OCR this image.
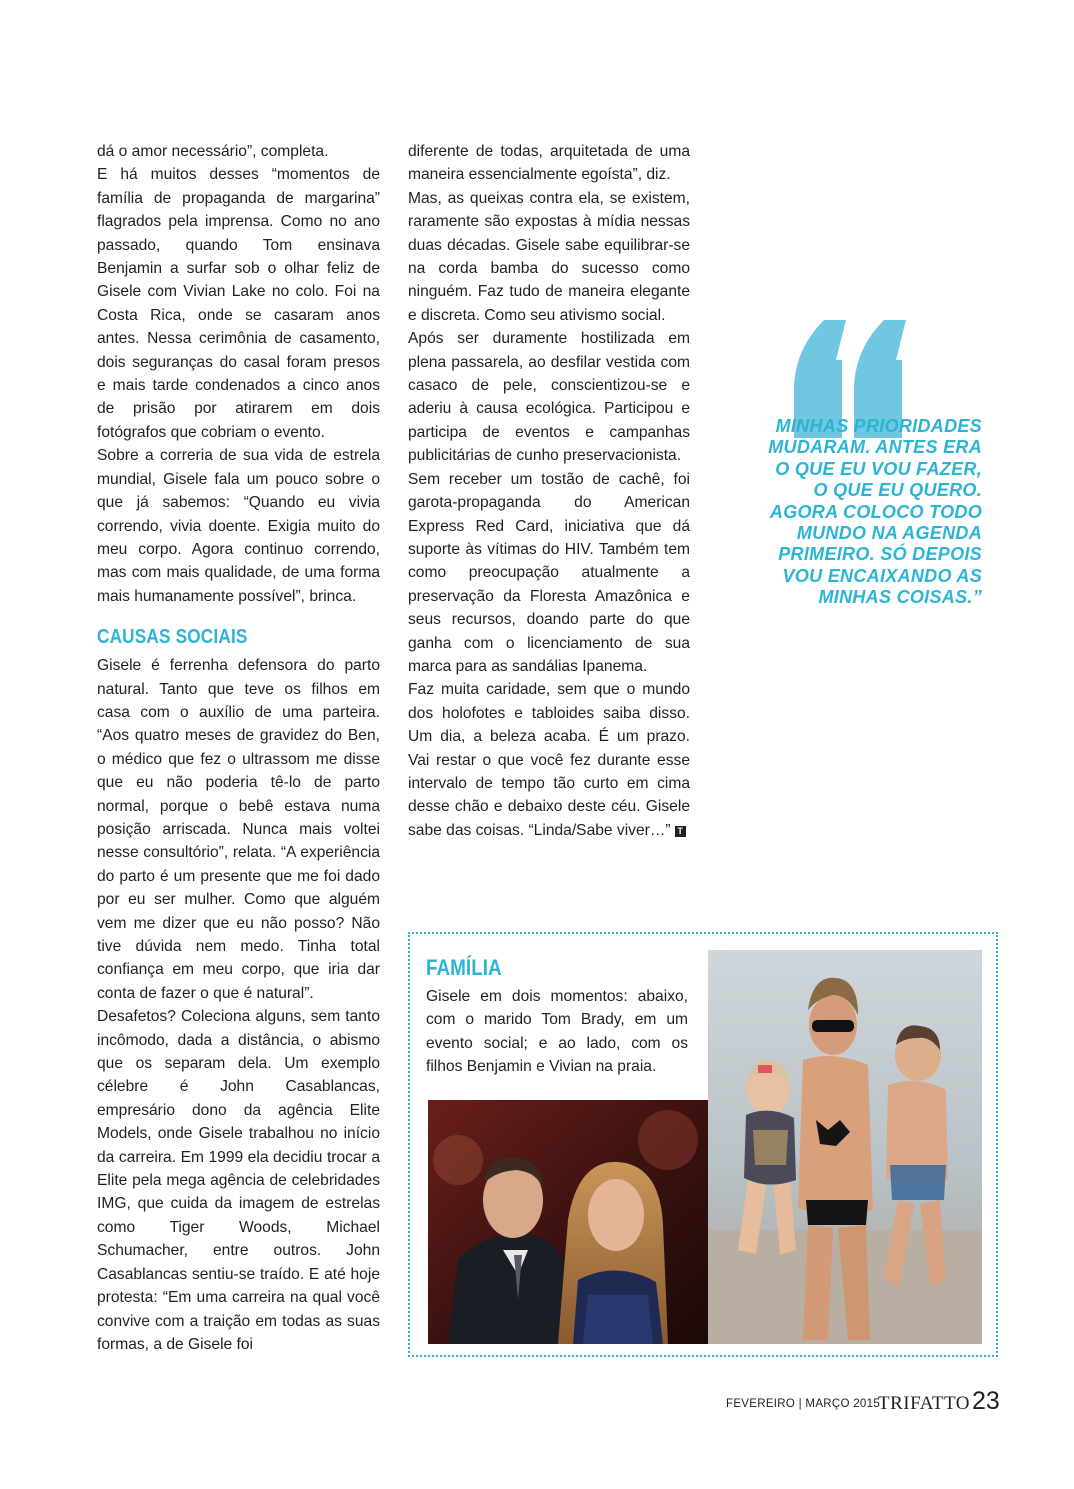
dá o amor necessário”, completa.

E há muitos desses “momentos de família de propaganda de margarina” flagrados pela imprensa. Como no ano passado, quando Tom ensinava Benjamin a surfar sob o olhar feliz de Gisele com Vivian Lake no colo. Foi na Costa Rica, onde se casaram anos antes. Nessa cerimônia de casamento, dois seguranças do casal foram presos e mais tarde condenados a cinco anos de prisão por atirarem em dois fotógrafos que cobriam o evento.

Sobre a correria de sua vida de estrela mundial, Gisele fala um pouco sobre o que já sabemos: “Quando eu vivia correndo, vivia doente. Exigia muito do meu corpo. Agora continuo correndo, mas com mais qualidade, de uma forma mais humanamente possível”, brinca.

CAUSAS SOCIAIS

Gisele é ferrenha defensora do parto natural. Tanto que teve os filhos em casa com o auxílio de uma parteira. “Aos quatro meses de gravidez do Ben, o médico que fez o ultrassom me disse que eu não poderia tê-lo de parto normal, porque o bebê estava numa posição arriscada. Nunca mais voltei nesse consultório”, relata. “A experiência do parto é um presente que me foi dado por eu ser mulher. Como que alguém vem me dizer que eu não posso? Não tive dúvida nem medo. Tinha total confiança em meu corpo, que iria dar conta de fazer o que é natural”.

Desafetos? Coleciona alguns, sem tanto incômodo, dada a distância, o abismo que os separam dela. Um exemplo célebre é John Casablancas, empresário dono da agência Elite Models, onde Gisele trabalhou no início da carreira. Em 1999 ela decidiu trocar a Elite pela mega agência de celebridades IMG, que cuida da imagem de estrelas como Tiger Woods, Michael Schumacher, entre outros. John Casablancas sentiu-se traído. E até hoje protesta: “Em uma carreira na qual você convive com a traição em todas as suas formas, a de Gisele foi

diferente de todas, arquitetada de uma maneira essencialmente egoísta”, diz.

Mas, as queixas contra ela, se existem, raramente são expostas à mídia nessas duas décadas. Gisele sabe equilibrar-se na corda bamba do sucesso como ninguém. Faz tudo de maneira elegante e discreta. Como seu ativismo social.

Após ser duramente hostilizada em plena passarela, ao desfilar vestida com casaco de pele, conscientizou-se e aderiu à causa ecológica. Participou e participa de eventos e campanhas publicitárias de cunho preservacionista.

Sem receber um tostão de cachê, foi garota-propaganda do American Express Red Card, iniciativa que dá suporte às vítimas do HIV. Também tem como preocupação atualmente a preservação da Floresta Amazônica e seus recursos, doando parte do que ganha com o licenciamento de sua marca para as sandálias Ipanema.

Faz muita caridade, sem que o mundo dos holofotes e tabloides saiba disso. Um dia, a beleza acaba. É um prazo. Vai restar o que você fez durante esse intervalo de tempo tão curto em cima desse chão e debaixo deste céu. Gisele sabe das coisas. “Linda/Sabe viver…” T

MINHAS PRIORIDADES MUDARAM. ANTES ERA O QUE EU VOU FAZER, O QUE EU QUERO. AGORA COLOCO TODO MUNDO NA AGENDA PRIMEIRO. SÓ DEPOIS VOU ENCAIXANDO AS MINHAS COISAS.”
FAMÍLIA
Gisele em dois momentos: abaixo, com o marido Tom Brady, em um evento social; e ao lado, com os filhos Benjamin e Vivian na praia.
FEVEREIRO | MARÇO 2015
TRIFATTO 23
